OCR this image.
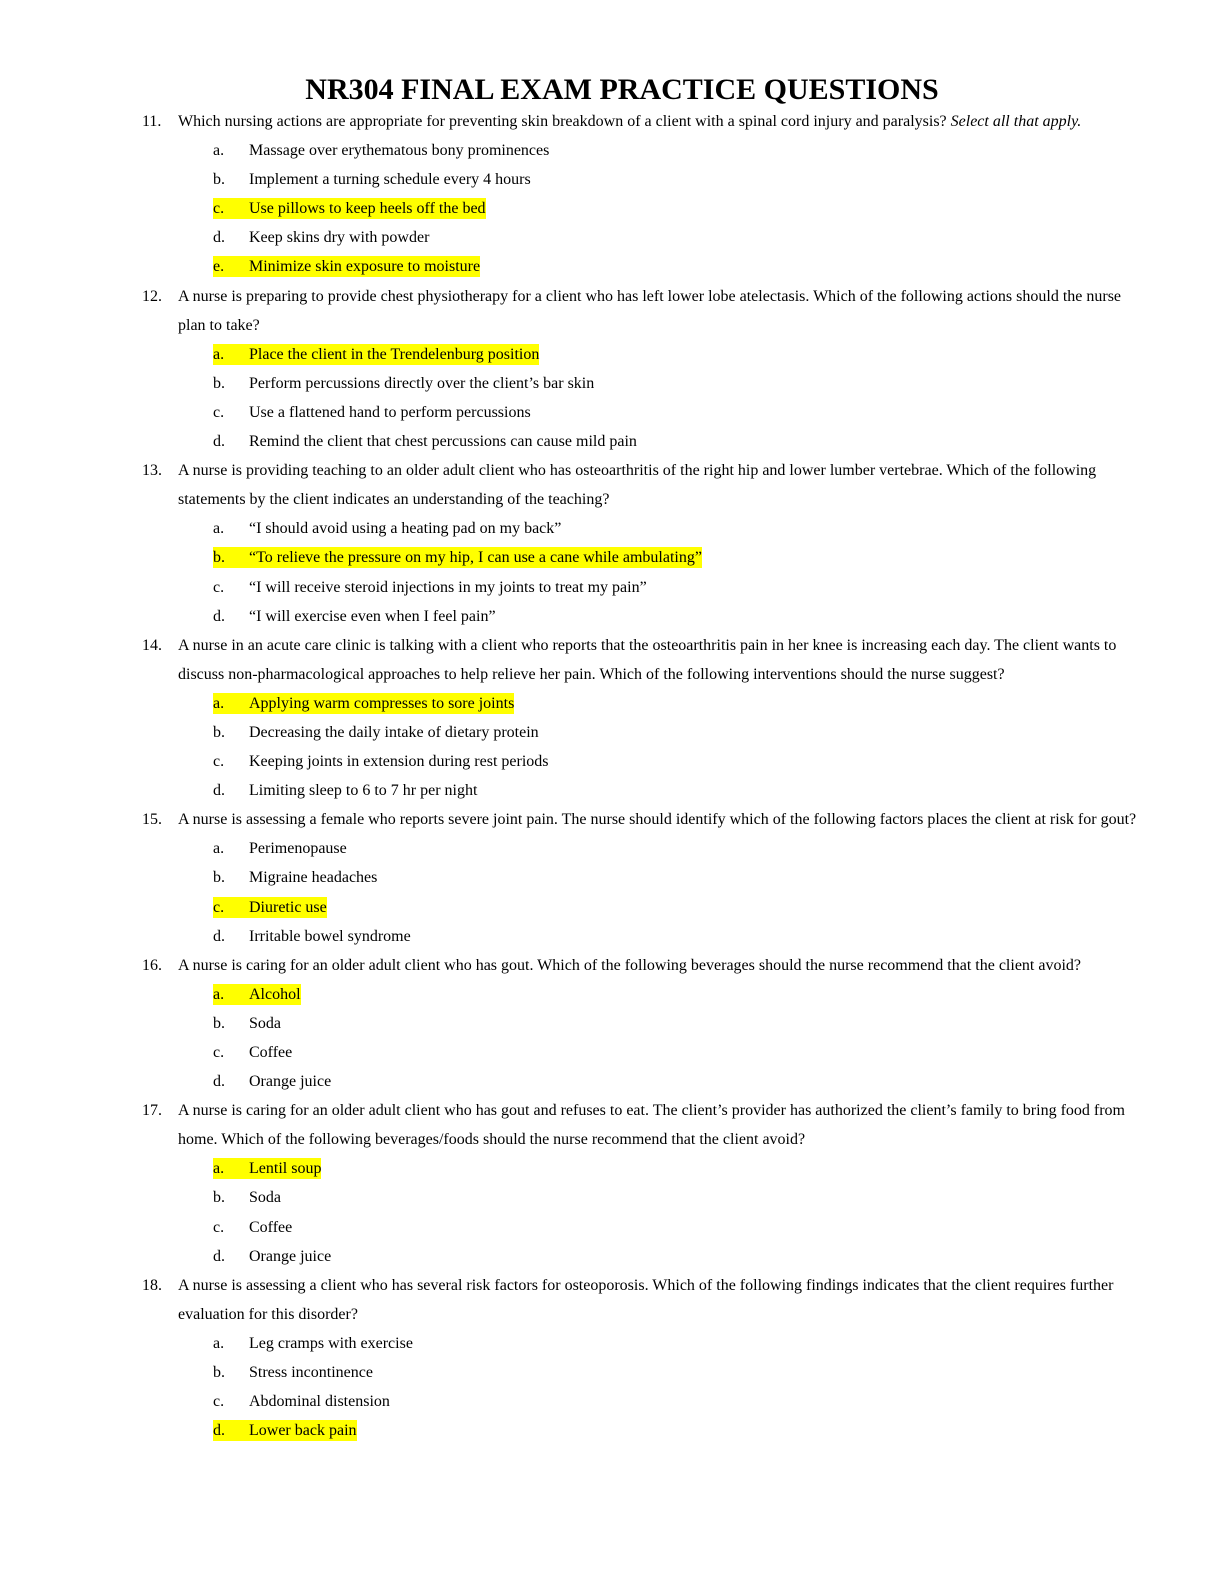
NR304 FINAL EXAM PRACTICE QUESTIONS
11. Which nursing actions are appropriate for preventing skin breakdown of a client with a spinal cord injury and paralysis? Select all that apply.
a.	Massage over erythematous bony prominences
b.	Implement a turning schedule every 4 hours
c.	Use pillows to keep heels off the bed
d.	Keep skins dry with powder
e.	Minimize skin exposure to moisture
12. A nurse is preparing to provide chest physiotherapy for a client who has left lower lobe atelectasis. Which of the following actions should the nurse plan to take?
a.	Place the client in the Trendelenburg position
b.	Perform percussions directly over the client’s bar skin
c.	Use a flattened hand to perform percussions
d.	Remind the client that chest percussions can cause mild pain
13. A nurse is providing teaching to an older adult client who has osteoarthritis of the right hip and lower lumber vertebrae. Which of the following statements by the client indicates an understanding of the teaching?
a.	“I should avoid using a heating pad on my back”
b.	“To relieve the pressure on my hip, I can use a cane while ambulating”
c.	“I will receive steroid injections in my joints to treat my pain”
d.	“I will exercise even when I feel pain”
14. A nurse in an acute care clinic is talking with a client who reports that the osteoarthritis pain in her knee is increasing each day. The client wants to discuss non-pharmacological approaches to help relieve her pain. Which of the following interventions should the nurse suggest?
a.	Applying warm compresses to sore joints
b.	Decreasing the daily intake of dietary protein
c.	Keeping joints in extension during rest periods
d.	Limiting sleep to 6 to 7 hr per night
15. A nurse is assessing a female who reports severe joint pain. The nurse should identify which of the following factors places the client at risk for gout?
a.	Perimenopause
b.	Migraine headaches
c.	Diuretic use
d.	Irritable bowel syndrome
16. A nurse is caring for an older adult client who has gout. Which of the following beverages should the nurse recommend that the client avoid?
a.	Alcohol
b.	Soda
c.	Coffee
d.	Orange juice
17. A nurse is caring for an older adult client who has gout and refuses to eat. The client’s provider has authorized the client’s family to bring food from home. Which of the following beverages/foods should the nurse recommend that the client avoid?
a.	Lentil soup
b.	Soda
c.	Coffee
d.	Orange juice
18. A nurse is assessing a client who has several risk factors for osteoporosis. Which of the following findings indicates that the client requires further evaluation for this disorder?
a.	Leg cramps with exercise
b.	Stress incontinence
c.	Abdominal distension
d.	Lower back pain
